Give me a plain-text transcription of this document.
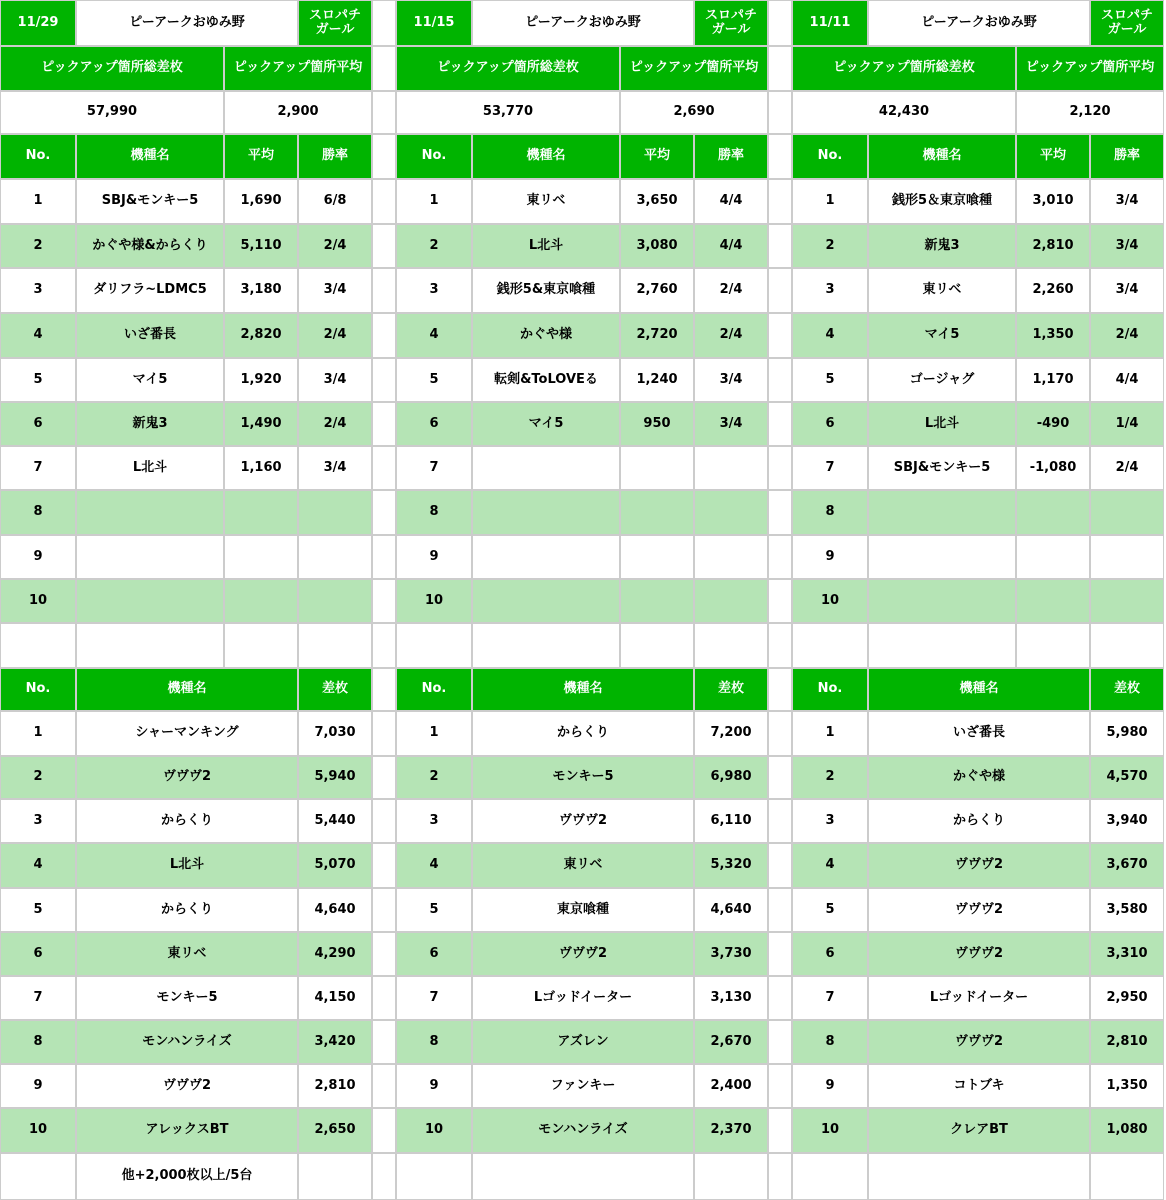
11/29	ピーアークおゆみ野	スロパチ
ガール
ピックアップ箇所総差枚	ピックアップ箇所平均
57,990	2,900
No.	機種名	平均	勝率
1	SBJ&モンキー5	1,690	6/8
2	かぐや様&からくり	5,110	2/4
3	ダリフラ~LDMC5	3,180	3/4
4	いざ番長	2,820	2/4
5	マイ5	1,920	3/4
6	新鬼3	1,490	2/4
7	L北斗	1,160	3/4
8
9
10
No.	機種名	差枚
1	シャーマンキング	7,030
2	ヴヴヴ2	5,940
3	からくり	5,440
4	L北斗	5,070
5	からくり	4,640
6	東リベ	4,290
7	モンキー5	4,150
8	モンハンライズ	3,420
9	ヴヴヴ2	2,810
10	アレックスBT	2,650
他+2,000枚以上/5台
11/15	ピーアークおゆみ野	スロパチ
ガール
ピックアップ箇所総差枚	ピックアップ箇所平均
53,770	2,690
No.	機種名	平均	勝率
1	東リベ	3,650	4/4
2	L北斗	3,080	4/4
3	銭形5&東京喰種	2,760	2/4
4	かぐや様	2,720	2/4
5	転剣&ToLOVEる	1,240	3/4
6	マイ5	950	3/4
7
8
9
10
No.	機種名	差枚
1	からくり	7,200
2	モンキー5	6,980
3	ヴヴヴ2	6,110
4	東リベ	5,320
5	東京喰種	4,640
6	ヴヴヴ2	3,730
7	Lゴッドイーター	3,130
8	アズレン	2,670
9	ファンキー	2,400
10	モンハンライズ	2,370
11/11	ピーアークおゆみ野	スロパチ
ガール
ピックアップ箇所総差枚	ピックアップ箇所平均
42,430	2,120
No.	機種名	平均	勝率
1	銭形5＆東京喰種	3,010	3/4
2	新鬼3	2,810	3/4
3	東リベ	2,260	3/4
4	マイ5	1,350	2/4
5	ゴージャグ	1,170	4/4
6	L北斗	-490	1/4
7	SBJ&モンキー5	-1,080	2/4
8
9
10
No.	機種名	差枚
1	いざ番長	5,980
2	かぐや様	4,570
3	からくり	3,940
4	ヴヴヴ2	3,670
5	ヴヴヴ2	3,580
6	ヴヴヴ2	3,310
7	Lゴッドイーター	2,950
8	ヴヴヴ2	2,810
9	コトブキ	1,350
10	クレアBT	1,080
